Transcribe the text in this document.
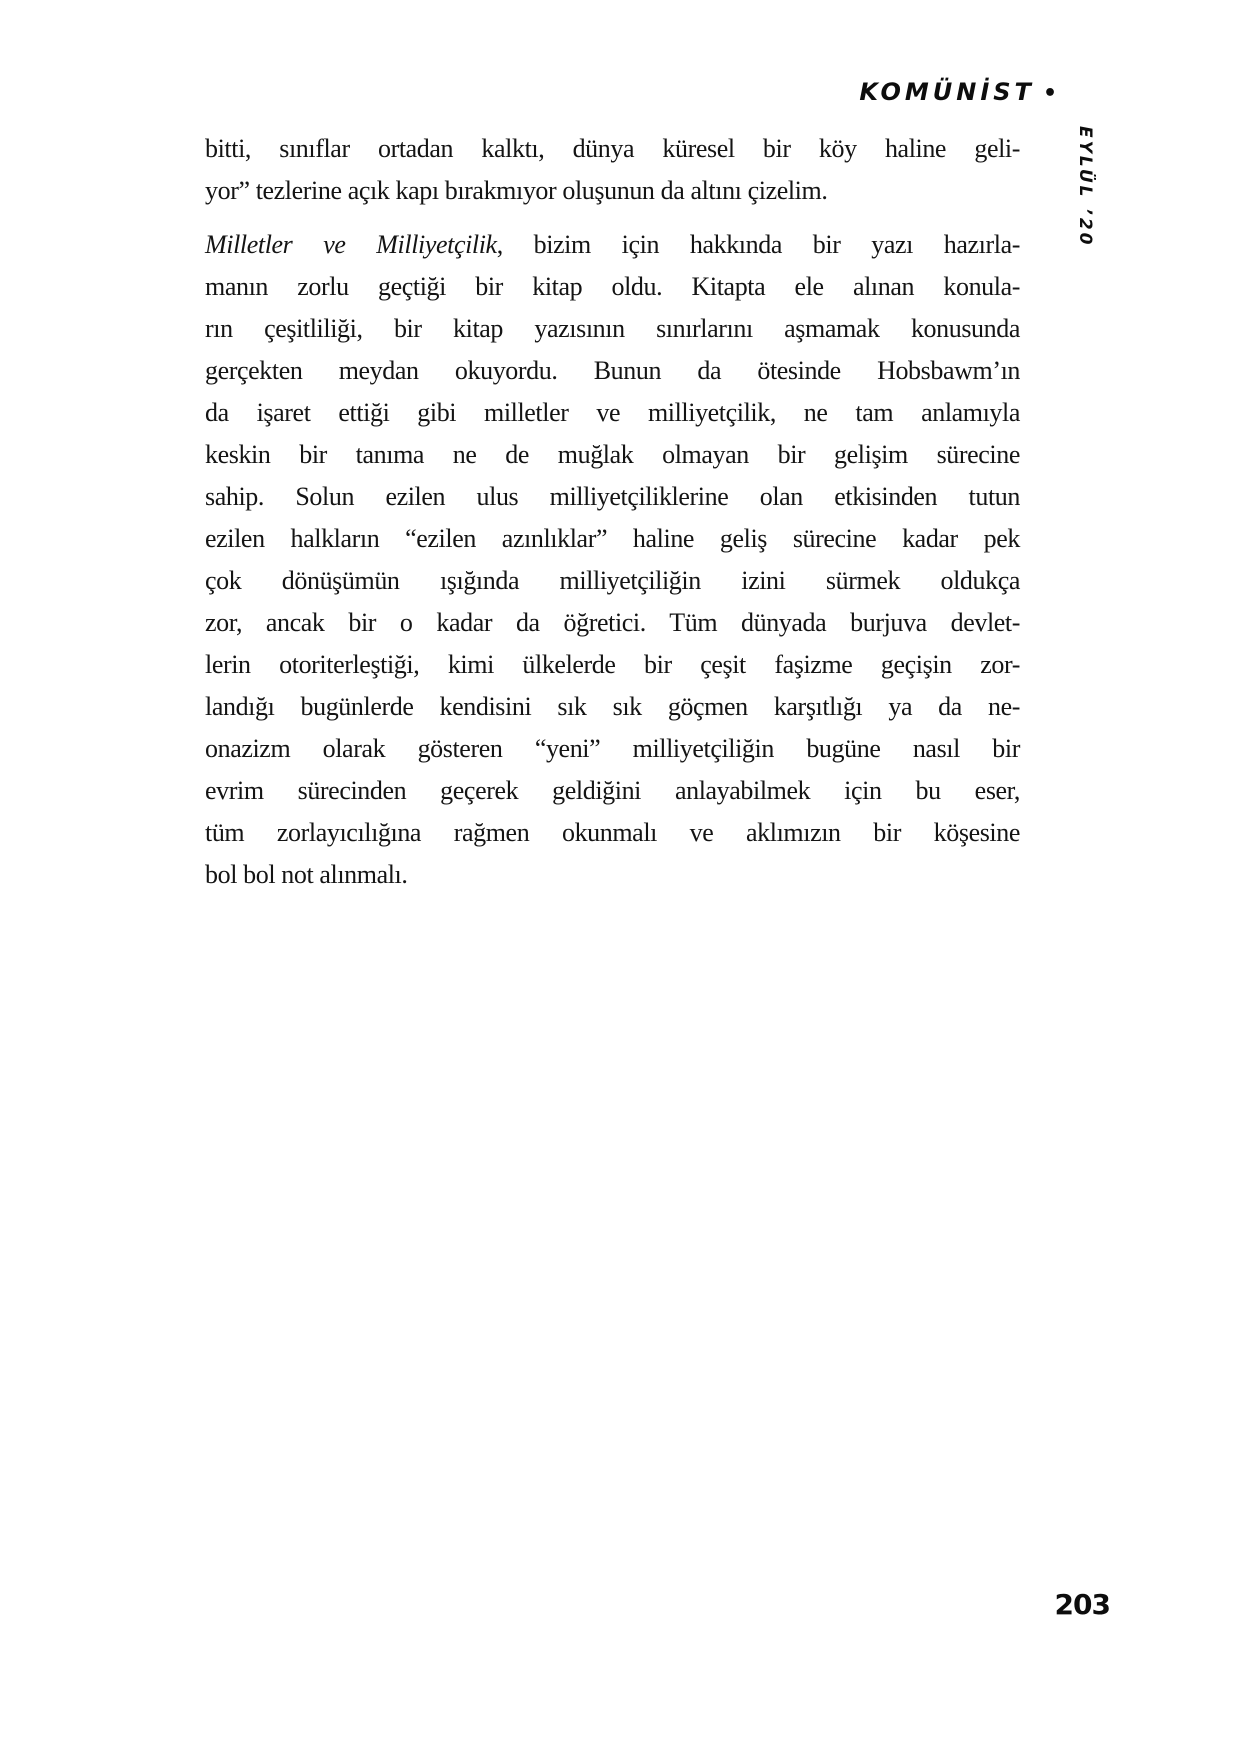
KOMÜNİST •
EYLÜL ’20

bitti, sınıflar ortadan kalktı, dünya küresel bir köy haline geli-
yor” tezlerine açık kapı bırakmıyor oluşunun da altını çizelim.

Milletler ve Milliyetçilik, bizim için hakkında bir yazı hazırla-
manın zorlu geçtiği bir kitap oldu. Kitapta ele alınan konula-
rın çeşitliliği, bir kitap yazısının sınırlarını aşmamak konusunda
gerçekten meydan okuyordu. Bunun da ötesinde Hobsbawm’ın
da işaret ettiği gibi milletler ve milliyetçilik, ne tam anlamıyla
keskin bir tanıma ne de muğlak olmayan bir gelişim sürecine
sahip. Solun ezilen ulus milliyetçiliklerine olan etkisinden tutun
ezilen halkların “ezilen azınlıklar” haline geliş sürecine kadar pek
çok dönüşümün ışığında milliyetçiliğin izini sürmek oldukça
zor, ancak bir o kadar da öğretici. Tüm dünyada burjuva devlet-
lerin otoriterleştiği, kimi ülkelerde bir çeşit faşizme geçişin zor-
landığı bugünlerde kendisini sık sık göçmen karşıtlığı ya da ne-
onazizm olarak gösteren “yeni” milliyetçiliğin bugüne nasıl bir
evrim sürecinden geçerek geldiğini anlayabilmek için bu eser,
tüm zorlayıcılığına rağmen okunmalı ve aklımızın bir köşesine
bol bol not alınmalı.

203
